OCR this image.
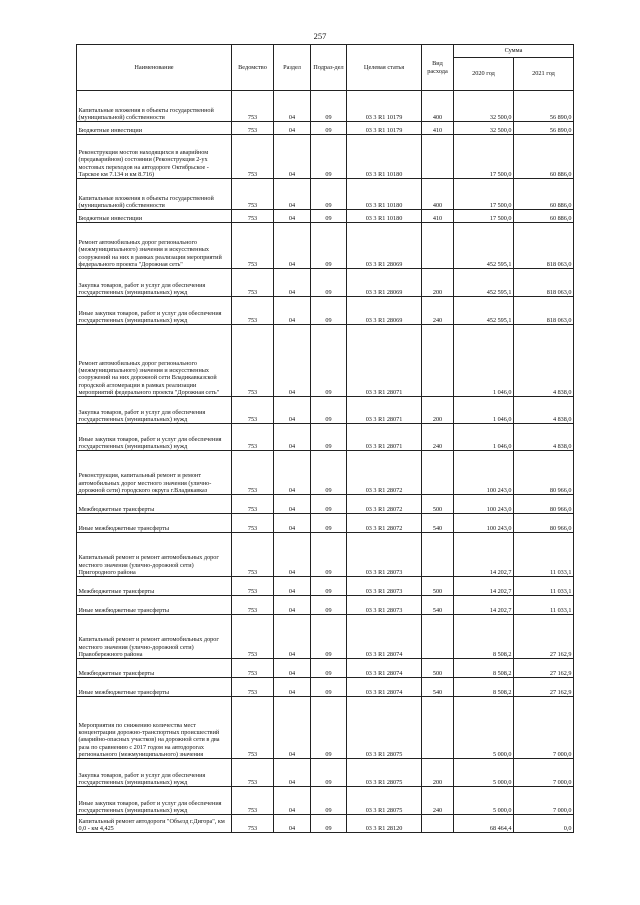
257
Наименование	Ведомство	Раздел	Подраз-дел	Целевая статья	Вид расхода	Сумма	
						2020 год	2021 год
Капитальные вложения в объекты государственной (муниципальной) собственности	753	04	09	03 3 R1 10179	400	32 500,0	56 890,0
Бюджетные инвестиции	753	04	09	03 3 R1 10179	410	32 500,0	56 890,0
Реконструкция мостов находящихся в аварийном (предаварийном) состоянии (Реконструкция 2-ух мостовых переходов на автодороге Октябрьское - Тарское км 7.134 и км 8.716)	753	04	09	03 3 R1 10180		17 500,0	60 886,0
Капитальные вложения в объекты государственной (муниципальной) собственности	753	04	09	03 3 R1 10180	400	17 500,0	60 886,0
Бюджетные инвестиции	753	04	09	03 3 R1 10180	410	17 500,0	60 886,0
Ремонт автомобильных дорог регионального (межмуниципального) значения и искусственных сооружений на них в рамках реализации мероприятий федерального проекта "Дорожная сеть"	753	04	09	03 3 R1 28069		452 595,1	818 063,0
Закупка товаров, работ и услуг для обеспечения государственных (муниципальных) нужд	753	04	09	03 3 R1 28069	200	452 595,1	818 063,0
Иные закупки товаров, работ и услуг для обеспечения государственных (муниципальных) нужд	753	04	09	03 3 R1 28069	240	452 595,1	818 063,0
Ремонт автомобильных дорог регионального (межмуниципального) значения и искусственных сооружений на них дорожной сети Владикавказской городской агломерации в рамках реализации мероприятий федерального проекта "Дорожная сеть"	753	04	09	03 3 R1 28071		1 046,0	4 838,0
Закупка товаров, работ и услуг для обеспечения государственных (муниципальных) нужд	753	04	09	03 3 R1 28071	200	1 046,0	4 838,0
Иные закупки товаров, работ и услуг для обеспечения государственных (муниципальных) нужд	753	04	09	03 3 R1 28071	240	1 046,0	4 838,0
Реконструкция, капитальный ремонт и ремонт автомобильных дорог местного значения (улично-дорожной сети) городского округа г.Владикавказ	753	04	09	03 3 R1 28072		100 243,0	80 966,0
Межбюджетные трансферты	753	04	09	03 3 R1 28072	500	100 243,0	80 966,0
Иные межбюджетные трансферты	753	04	09	03 3 R1 28072	540	100 243,0	80 966,0
Капитальный ремонт и ремонт автомобильных дорог местного значения (улично-дорожной сети) Пригородного района	753	04	09	03 3 R1 28073		14 202,7	11 033,1
Межбюджетные трансферты	753	04	09	03 3 R1 28073	500	14 202,7	11 033,1
Иные межбюджетные трансферты	753	04	09	03 3 R1 28073	540	14 202,7	11 033,1
Капитальный ремонт и ремонт автомобильных дорог местного значения (улично-дорожной сети) Правобережного района	753	04	09	03 3 R1 28074		8 508,2	27 162,9
Межбюджетные трансферты	753	04	09	03 3 R1 28074	500	8 508,2	27 162,9
Иные межбюджетные трансферты	753	04	09	03 3 R1 28074	540	8 508,2	27 162,9
Мероприятия по снижению количества мест концентрации дорожно-транспортных происшествий (аварийно-опасных участков) на дорожной сети в два раза по сравнению с 2017 годом на автодорогах регионального (межмуниципального) значения	753	04	09	03 3 R1 28075		5 000,0	7 000,0
Закупка товаров, работ и услуг для обеспечения государственных (муниципальных) нужд	753	04	09	03 3 R1 28075	200	5 000,0	7 000,0
Иные закупки товаров, работ и услуг для обеспечения государственных (муниципальных) нужд	753	04	09	03 3 R1 28075	240	5 000,0	7 000,0
Капитальный ремонт автодороги "Объезд г.Дигора", км 0,0 - км 4,425	753	04	09	03 3 R1 28120		68 464,4	0,0
